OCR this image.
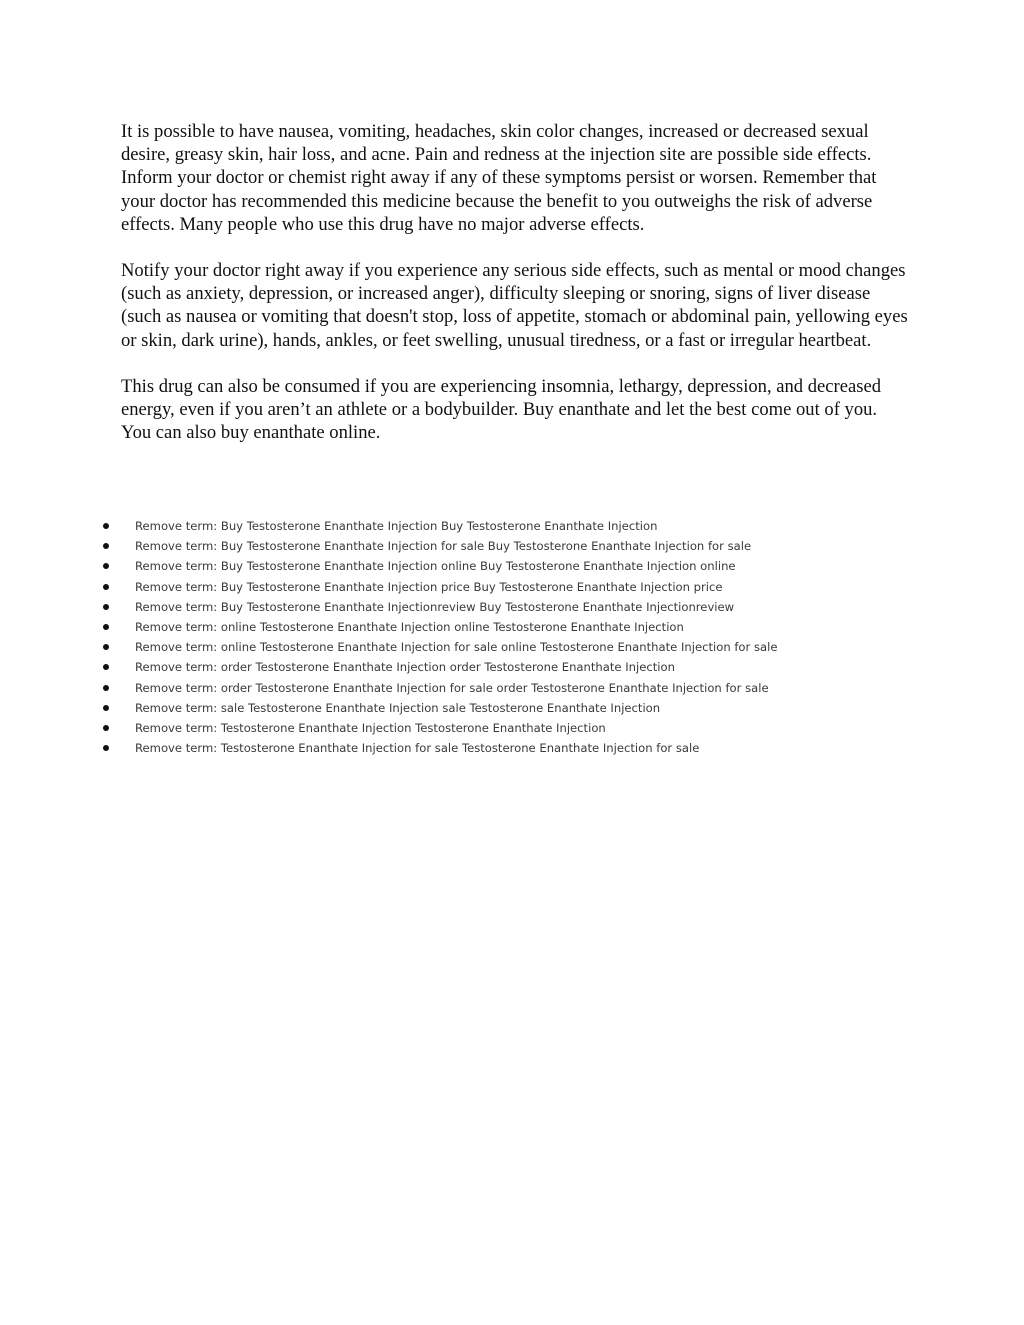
It is possible to have nausea, vomiting, headaches, skin color changes, increased or decreased sexual desire, greasy skin, hair loss, and acne. Pain and redness at the injection site are possible side effects. Inform your doctor or chemist right away if any of these symptoms persist or worsen. Remember that your doctor has recommended this medicine because the benefit to you outweighs the risk of adverse effects. Many people who use this drug have no major adverse effects.

Notify your doctor right away if you experience any serious side effects, such as mental or mood changes (such as anxiety, depression, or increased anger), difficulty sleeping or snoring, signs of liver disease (such as nausea or vomiting that doesn't stop, loss of appetite, stomach or abdominal pain, yellowing eyes or skin, dark urine), hands, ankles, or feet swelling, unusual tiredness, or a fast or irregular heartbeat.

This drug can also be consumed if you are experiencing insomnia, lethargy, depression, and decreased energy, even if you aren’t an athlete or a bodybuilder. Buy enanthate and let the best come out of you. You can also buy enanthate online.

Remove term: Buy Testosterone Enanthate Injection Buy Testosterone Enanthate Injection
Remove term: Buy Testosterone Enanthate Injection for sale Buy Testosterone Enanthate Injection for sale
Remove term: Buy Testosterone Enanthate Injection online Buy Testosterone Enanthate Injection online
Remove term: Buy Testosterone Enanthate Injection price Buy Testosterone Enanthate Injection price
Remove term: Buy Testosterone Enanthate Injectionreview Buy Testosterone Enanthate Injectionreview
Remove term: online Testosterone Enanthate Injection online Testosterone Enanthate Injection
Remove term: online Testosterone Enanthate Injection for sale online Testosterone Enanthate Injection for sale
Remove term: order Testosterone Enanthate Injection order Testosterone Enanthate Injection
Remove term: order Testosterone Enanthate Injection for sale order Testosterone Enanthate Injection for sale
Remove term: sale Testosterone Enanthate Injection sale Testosterone Enanthate Injection
Remove term: Testosterone Enanthate Injection Testosterone Enanthate Injection
Remove term: Testosterone Enanthate Injection for sale Testosterone Enanthate Injection for sale
